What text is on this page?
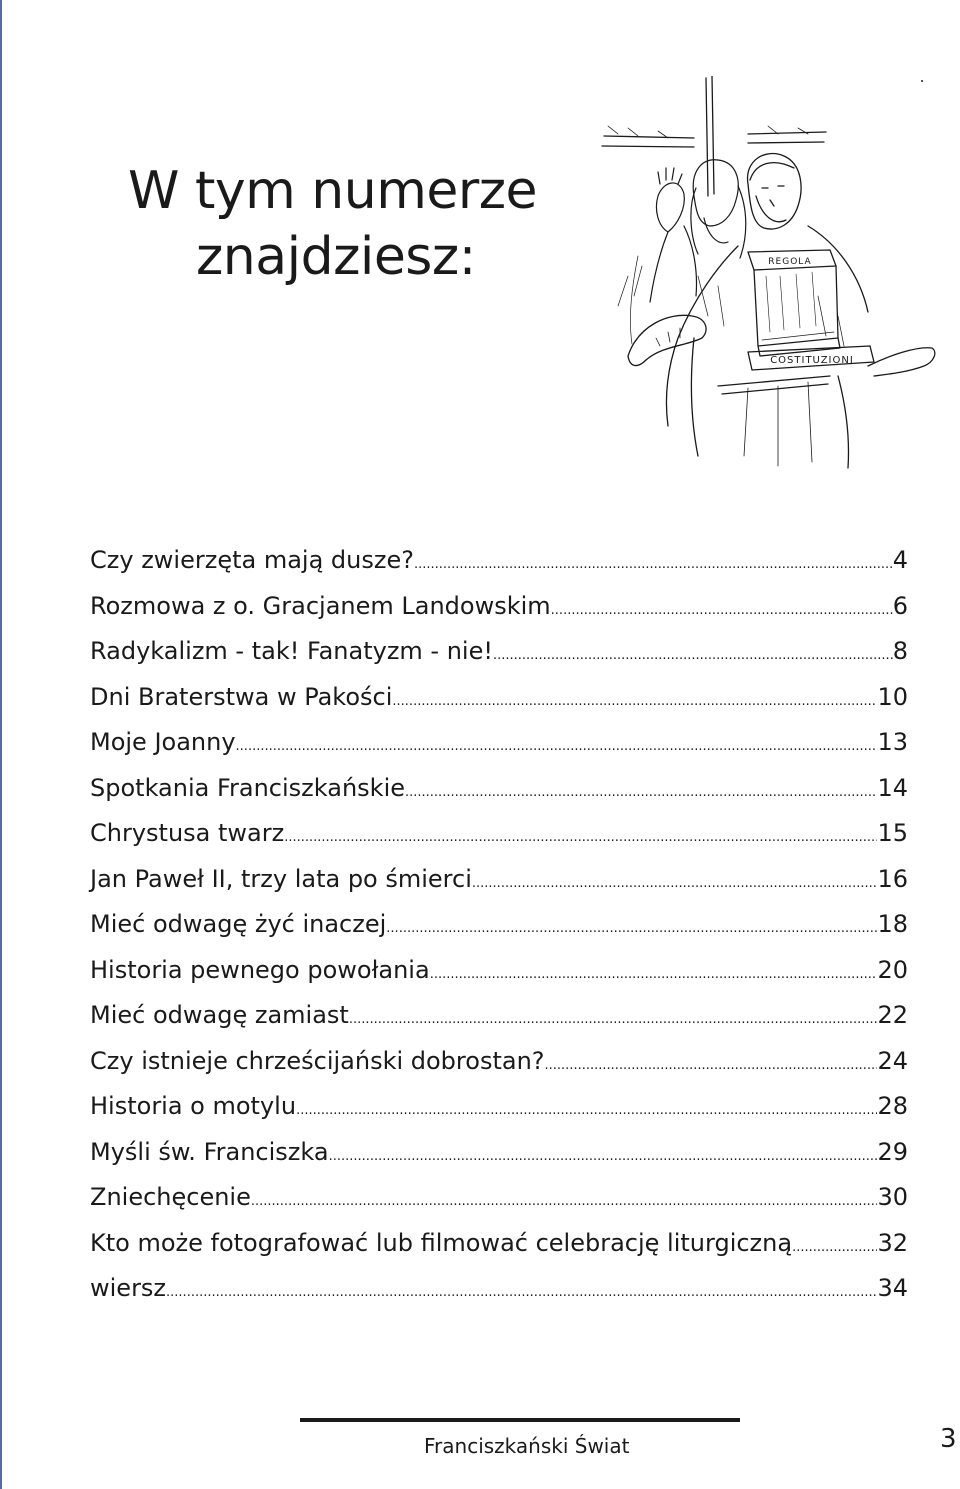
W tym numerze
znajdziesz:	REGOLA
COSTITUZIONI
Czy zwierzęta mają dusze? .....	4
Rozmowa z o. Gracjanem Landowskim .....	6
Radykalizm - tak! Fanatyzm - nie! .....	8
Dni Braterstwa w Pakości .....	10
Moje Joanny .....	13
Spotkania Franciszkańskie .....	14
Chrystusa twarz .....	15
Jan Paweł II, trzy lata po śmierci .....	16
Mieć odwagę żyć inaczej .....	18
Historia pewnego powołania .....	20
Mieć odwagę zamiast .....	22
Czy istnieje chrześcijański dobrostan? .....	24
Historia o motylu .....	28
Myśli św. Franciszka .....	29
Zniechęcenie .....	30
Kto może fotografować lub filmować celebrację liturgiczną .....	32
wiersz .....	34
Franciszkański Świat	3
